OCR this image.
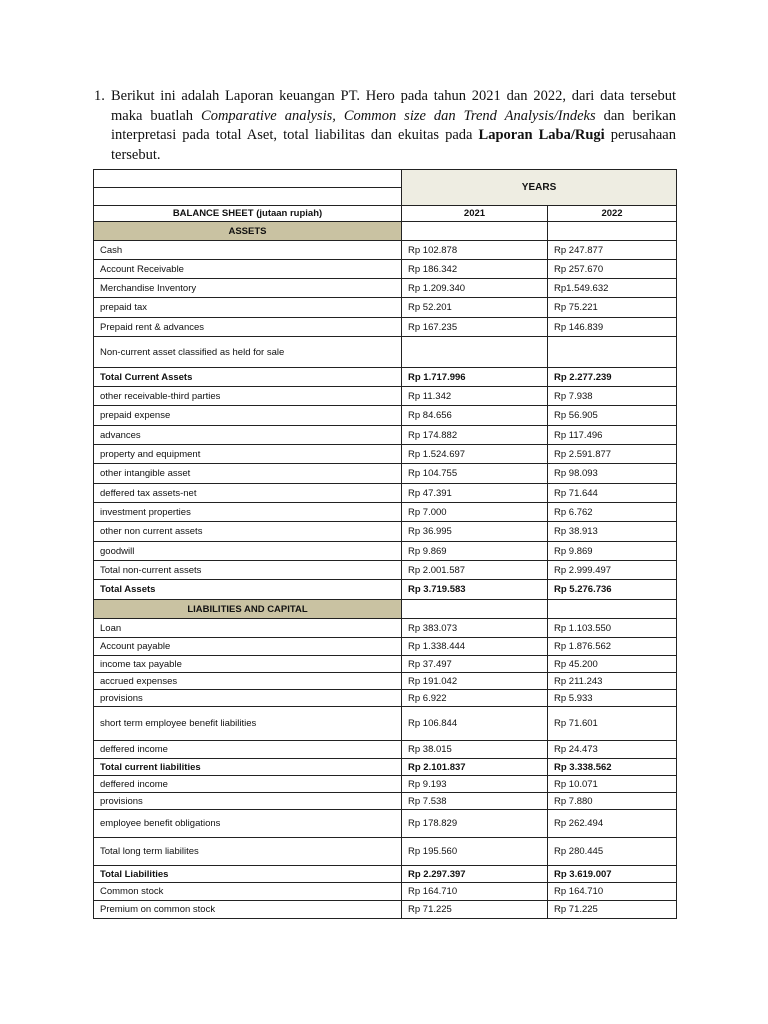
1. Berikut ini adalah Laporan keuangan PT. Hero pada tahun 2021 dan 2022, dari data tersebut maka buatlah Comparative analysis, Common size dan Trend Analysis/Indeks dan berikan interpretasi pada total Aset, total liabilitas dan ekuitas pada Laporan Laba/Rugi perusahaan tersebut.
	YEARS	

BALANCE SHEET (jutaan rupiah)	2021	2022
ASSETS		
Cash	Rp 102.878	Rp 247.877
Account Receivable	Rp 186.342	Rp 257.670
Merchandise Inventory	Rp 1.209.340	Rp1.549.632
prepaid tax	Rp 52.201	Rp 75.221
Prepaid rent & advances	Rp 167.235	Rp 146.839
Non-current asset classified as held for sale		
Total Current Assets	Rp 1.717.996	Rp 2.277.239
other receivable-third parties	Rp 11.342	Rp 7.938
prepaid expense	Rp 84.656	Rp 56.905
advances	Rp 174.882	Rp 117.496
property and equipment	Rp 1.524.697	Rp 2.591.877
other intangible asset	Rp 104.755	Rp 98.093
deffered tax assets-net	Rp 47.391	Rp 71.644
investment properties	Rp 7.000	Rp 6.762
other non current assets	Rp 36.995	Rp 38.913
goodwill	Rp 9.869	Rp 9.869
Total non-current assets	Rp 2.001.587	Rp 2.999.497
Total Assets	Rp 3.719.583	Rp 5.276.736
LIABILITIES AND CAPITAL		
Loan	Rp 383.073	Rp 1.103.550
Account payable	Rp 1.338.444	Rp 1.876.562
income tax payable	Rp 37.497	Rp 45.200
accrued expenses	Rp 191.042	Rp 211.243
provisions	Rp 6.922	Rp 5.933
short term employee benefit liabilities	Rp 106.844	Rp 71.601
deffered income	Rp 38.015	Rp 24.473
Total current liabilities	Rp 2.101.837	Rp 3.338.562
deffered income	Rp 9.193	Rp 10.071
provisions	Rp 7.538	Rp 7.880
employee benefit obligations	Rp 178.829	Rp 262.494
Total long term liabilites	Rp 195.560	Rp 280.445
Total Liabilities	Rp 2.297.397	Rp 3.619.007
Common stock	Rp 164.710	Rp 164.710
Premium on common stock	Rp 71.225	Rp 71.225
